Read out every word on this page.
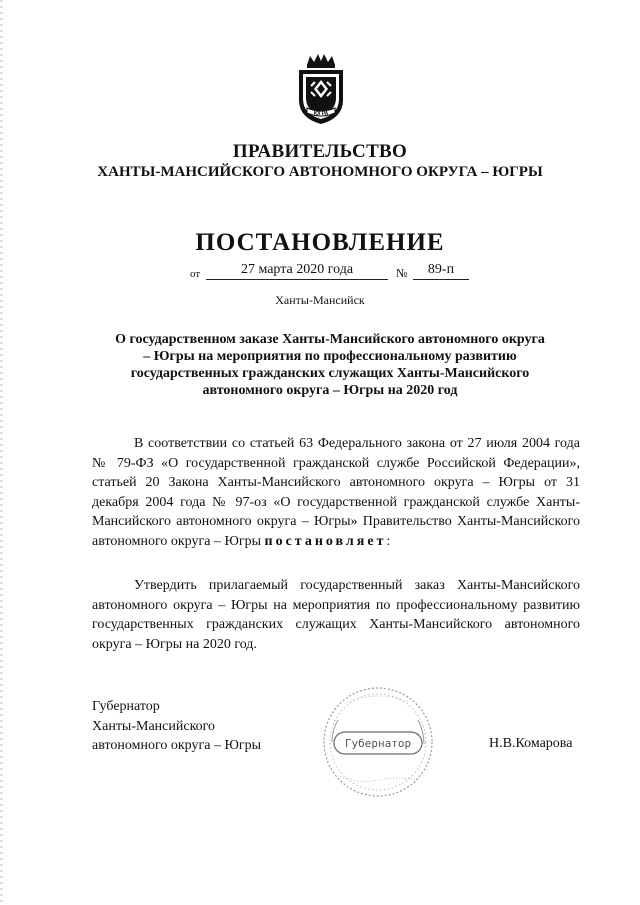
ЮГРА
ПРАВИТЕЛЬСТВО
ХАНТЫ-МАНСИЙСКОГО АВТОНОМНОГО ОКРУГА – ЮГРЫ
ПОСТАНОВЛЕНИЕ
от	27 марта 2020 года	№	89-п
Ханты-Мансийск
О государственном заказе Ханты-Мансийского автономного округа – Югры на мероприятия по профессиональному развитию государственных гражданских служащих Ханты-Мансийского автономного округа – Югры на 2020 год
В соответствии со статьей 63 Федерального закона от 27 июля 2004 года № 79-ФЗ «О государственной гражданской службе Российской Федерации», статьей 20 Закона Ханты-Мансийского автономного округа – Югры от 31 декабря 2004 года № 97-оз «О государственной гражданской службе Ханты-Мансийского автономного округа – Югры» Правительство Ханты-Мансийского автономного округа – Югры постановляет:
Утвердить прилагаемый государственный заказ Ханты-Мансийского автономного округа – Югры на мероприятия по профессиональному развитию государственных гражданских служащих Ханты-Мансийского автономного округа – Югры на 2020 год.
Губернатор
Ханты-Мансийского
автономного округа – Югры	Губернатор	Н.В.Комарова
